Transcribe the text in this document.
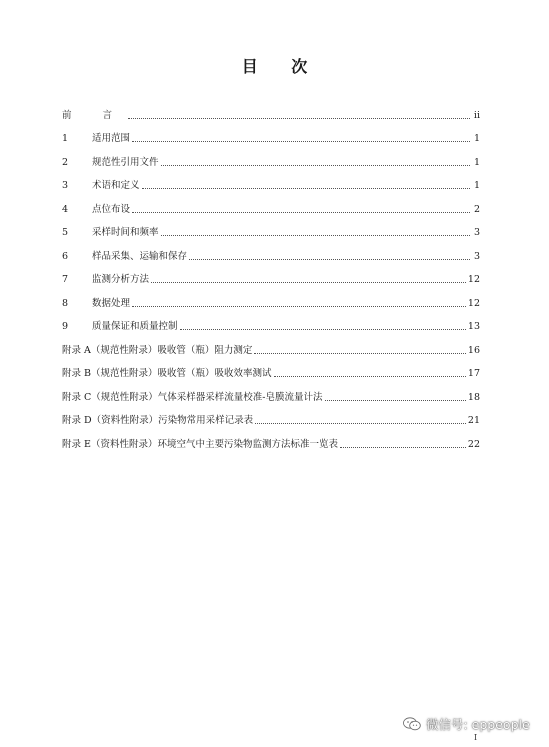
目 次
前 言	ii
1	适用范围	1
2	规范性引用文件	1
3	术语和定义	1
4	点位布设	2
5	采样时间和频率	3
6	样品采集、运输和保存	3
7	监测分析方法	12
8	数据处理	12
9	质量保证和质量控制	13
附录 A（规范性附录）吸收管（瓶）阻力测定	16
附录 B（规范性附录）吸收管（瓶）吸收效率测试	17
附录 C（规范性附录）气体采样器采样流量校准-皂膜流量计法	18
附录 D（资料性附录）污染物常用采样记录表	21
附录 E（资料性附录）环境空气中主要污染物监测方法标准一览表	22
微信号: eppeople
I
